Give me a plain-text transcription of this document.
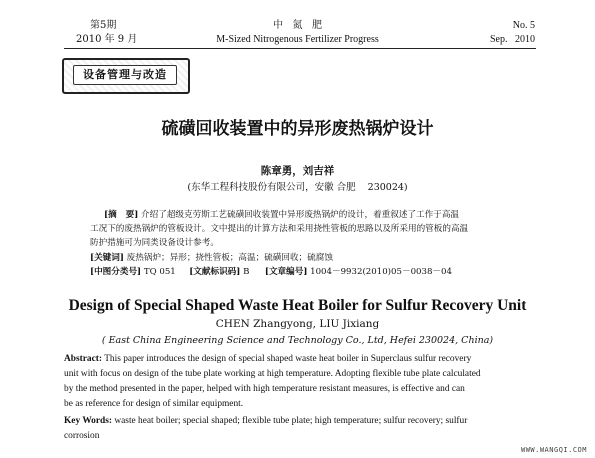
第5期
2010 年 9 月
中   氮   肥
M-Sized Nitrogenous Fertilizer Progress
No. 5
Sep.   2010
设备管理与改造
硫磺回收装置中的异形废热锅炉设计
陈章勇，刘吉祥
(东华工程科技股份有限公司，安徽 合肥    230024)
[摘   要] 介绍了超级克劳斯工艺硫磺回收装置中异形废热锅炉的设计，着重叙述了工作于高温
工况下的废热锅炉的管板设计。文中提出的计算方法和采用挠性管板的思路以及所采用的管板的高温
防护措施可为同类设备设计参考。
[关键词] 废热锅炉；异形；挠性管板；高温；硫磺回收；硫腐蚀
[中图分类号] TQ 051 [文献标识码] B [文章编号] 1004－9932(2010)05－0038－04
Design of Special Shaped Waste Heat Boiler for Sulfur Recovery Unit
CHEN Zhangyong, LIU Jixiang
( East China Engineering Science and Technology Co., Ltd, Hefei 230024, China)
Abstract: This paper introduces the design of special shaped waste heat boiler in Superclaus sulfur recovery
unit with focus on design of the tube plate working at high temperature. Adopting flexible tube plate calculated
by the method presented in the paper, helped with high temperature resistant measures, is effective and can
be as reference for design of similar equipment.
Key Words: waste heat boiler; special shaped; flexible tube plate; high temperature; sulfur recovery; sulfur
corrosion
WWW.WANGQI.COM
